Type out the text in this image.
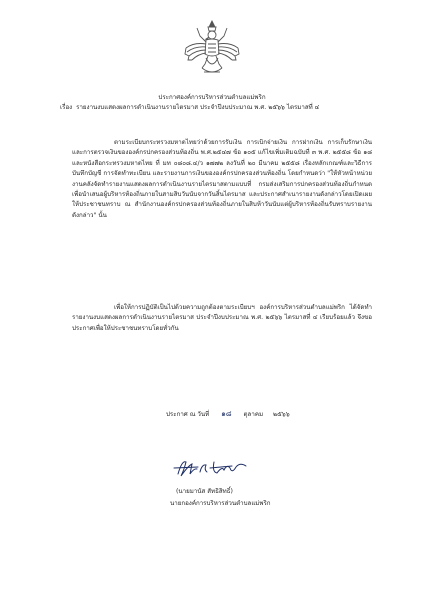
ประกาศองค์การบริหารส่วนตำบลแม่พริก
เรื่อง รายงานงบแสดงผลการดำเนินงานรายไตรมาส ประจำปีงบประมาณ พ.ศ. ๒๕๖๖ ไตรมาสที่ ๔

ตามระเบียบกระทรวงมหาดไทยว่าด้วยการรับเงิน การเบิกจ่ายเงิน การฝากเงิน การเก็บรักษาเงิน และการตรวจเงินขององค์กรปกครองส่วนท้องถิ่น พ.ศ.๒๕๔๗ ข้อ ๑๐๕ แก้ไขเพิ่มเติมฉบับที่ ๓ พ.ศ. ๒๕๕๘ ข้อ ๑๘ และหนังสือกระทรวงมหาดไทย ที่ มท ๐๘๐๘.๔/ว ๑๗๗๒ ลงวันที่ ๒๐ มีนาคม ๒๕๕๘ เรื่องหลักเกณฑ์และวิธีการบันทึกบัญชี การจัดทำทะเบียน และรายงานการเงินขององค์กรปกครองส่วนท้องถิ่น โดยกำหนดว่า "ให้หัวหน้าหน่วยงานคลังจัดทำรายงานแสดงผลการดำเนินงานรายไตรมาสตามแบบที่ กรมส่งเสริมการปกครองส่วนท้องถิ่นกำหนด เพื่อนำเสนอผู้บริหารท้องถิ่นภายในสามสิบวันนับจากวันสิ้นไตรมาส และประกาศสำเนารายงานดังกล่าวโดยเปิดเผยให้ประชาชนทราบ ณ สำนักงานองค์กรปกครองส่วนท้องถิ่นภายในสิบห้าวันนับแต่ผู้บริหารท้องถิ่นรับทราบรายงานดังกล่าว" นั้น

เพื่อให้การปฏิบัติเป็นไปด้วยความถูกต้องตามระเบียบฯ องค์การบริหารส่วนตำบลแม่พริก ได้จัดทำรายงานงบแสดงผลการดำเนินงานรายไตรมาส ประจำปีงบประมาณ พ.ศ. ๒๕๖๖ ไตรมาสที่ ๔ เรียบร้อยแล้ว จึงขอประกาศเพื่อให้ประชาชนทราบโดยทั่วกัน

ประกาศ ณ วันที่ ๑๘ ตุลาคม ๒๕๖๖
(นายมานัส สัทธิสิทธิ์)
นายกองค์การบริหารส่วนตำบลแม่พริก
